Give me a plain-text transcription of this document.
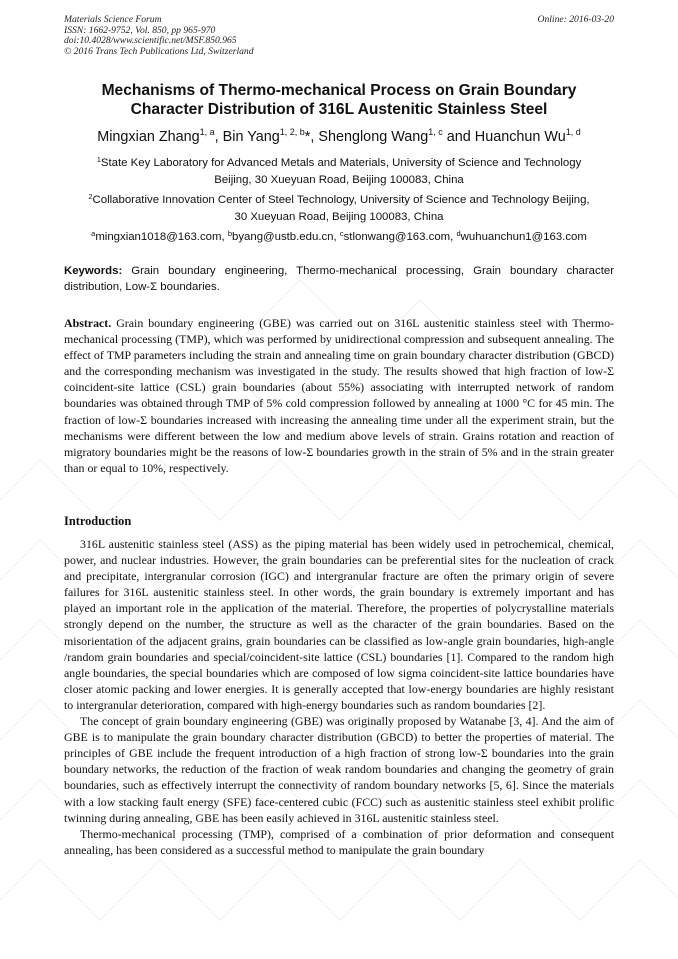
Materials Science Forum
ISSN: 1662-9752, Vol. 850, pp 965-970
doi:10.4028/www.scientific.net/MSF.850.965
© 2016 Trans Tech Publications Ltd, Switzerland
Online: 2016-03-20
Mechanisms of Thermo-mechanical Process on Grain Boundary
Character Distribution of 316L Austenitic Stainless Steel
Mingxian Zhang$^{1, a}$, Bin Yang$^{1, 2, b}$*, Shenglong Wang$^{1, c}$ and Huanchun Wu$^{1, d}$
$^1$State Key Laboratory for Advanced Metals and Materials, University of Science and Technology
Beijing, 30 Xueyuan Road, Beijing 100083, China
$^2$Collaborative Innovation Center of Steel Technology, University of Science and Technology Beijing,
30 Xueyuan Road, Beijing 100083, China
$^a$mingxian1018@163.com, $^b$byang@ustb.edu.cn, $^c$stlonwang@163.com, $^d$wuhuanchun1@163.com
Keywords: Grain boundary engineering, Thermo-mechanical processing, Grain boundary character distribution, Low-Σ boundaries.
Abstract. Grain boundary engineering (GBE) was carried out on 316L austenitic stainless steel with Thermo-mechanical processing (TMP), which was performed by unidirectional compression and subsequent annealing. The effect of TMP parameters including the strain and annealing time on grain boundary character distribution (GBCD) and the corresponding mechanism was investigated in the study. The results showed that high fraction of low-Σ coincident-site lattice (CSL) grain boundaries (about 55%) associating with interrupted network of random boundaries was obtained through TMP of 5% cold compression followed by annealing at 1000 °C for 45 min. The fraction of low-Σ boundaries increased with increasing the annealing time under all the experiment strain, but the mechanisms were different between the low and medium above levels of strain. Grains rotation and reaction of migratory boundaries might be the reasons of low-Σ boundaries growth in the strain of 5% and in the strain greater than or equal to 10%, respectively.
Introduction

316L austenitic stainless steel (ASS) as the piping material has been widely used in petrochemical, chemical, power, and nuclear industries. However, the grain boundaries can be preferential sites for the nucleation of crack and precipitate, intergranular corrosion (IGC) and intergranular fracture are often the primary origin of severe failures for 316L austenitic stainless steel. In other words, the grain boundary is extremely important and has played an important role in the application of the material. Therefore, the properties of polycrystalline materials strongly depend on the number, the structure as well as the character of the grain boundaries. Based on the misorientation of the adjacent grains, grain boundaries can be classified as low-angle grain boundaries, high-angle /random grain boundaries and special/coincident-site lattice (CSL) boundaries [1]. Compared to the random high angle boundaries, the special boundaries which are composed of low sigma coincident-site lattice boundaries have closer atomic packing and lower energies. It is generally accepted that low-energy boundaries are highly resistant to intergranular deterioration, compared with high-energy boundaries such as random boundaries [2].

The concept of grain boundary engineering (GBE) was originally proposed by Watanabe [3, 4]. And the aim of GBE is to manipulate the grain boundary character distribution (GBCD) to better the properties of material. The principles of GBE include the frequent introduction of a high fraction of strong low-Σ boundaries into the grain boundary networks, the reduction of the fraction of weak random boundaries and changing the geometry of grain boundaries, such as effectively interrupt the connectivity of random boundary networks [5, 6]. Since the materials with a low stacking fault energy (SFE) face-centered cubic (FCC) such as austenitic stainless steel exhibit prolific twinning during annealing, GBE has been easily achieved in 316L austenitic stainless steel.

Thermo-mechanical processing (TMP), comprised of a combination of prior deformation and consequent annealing, has been considered as a successful method to manipulate the grain boundary
